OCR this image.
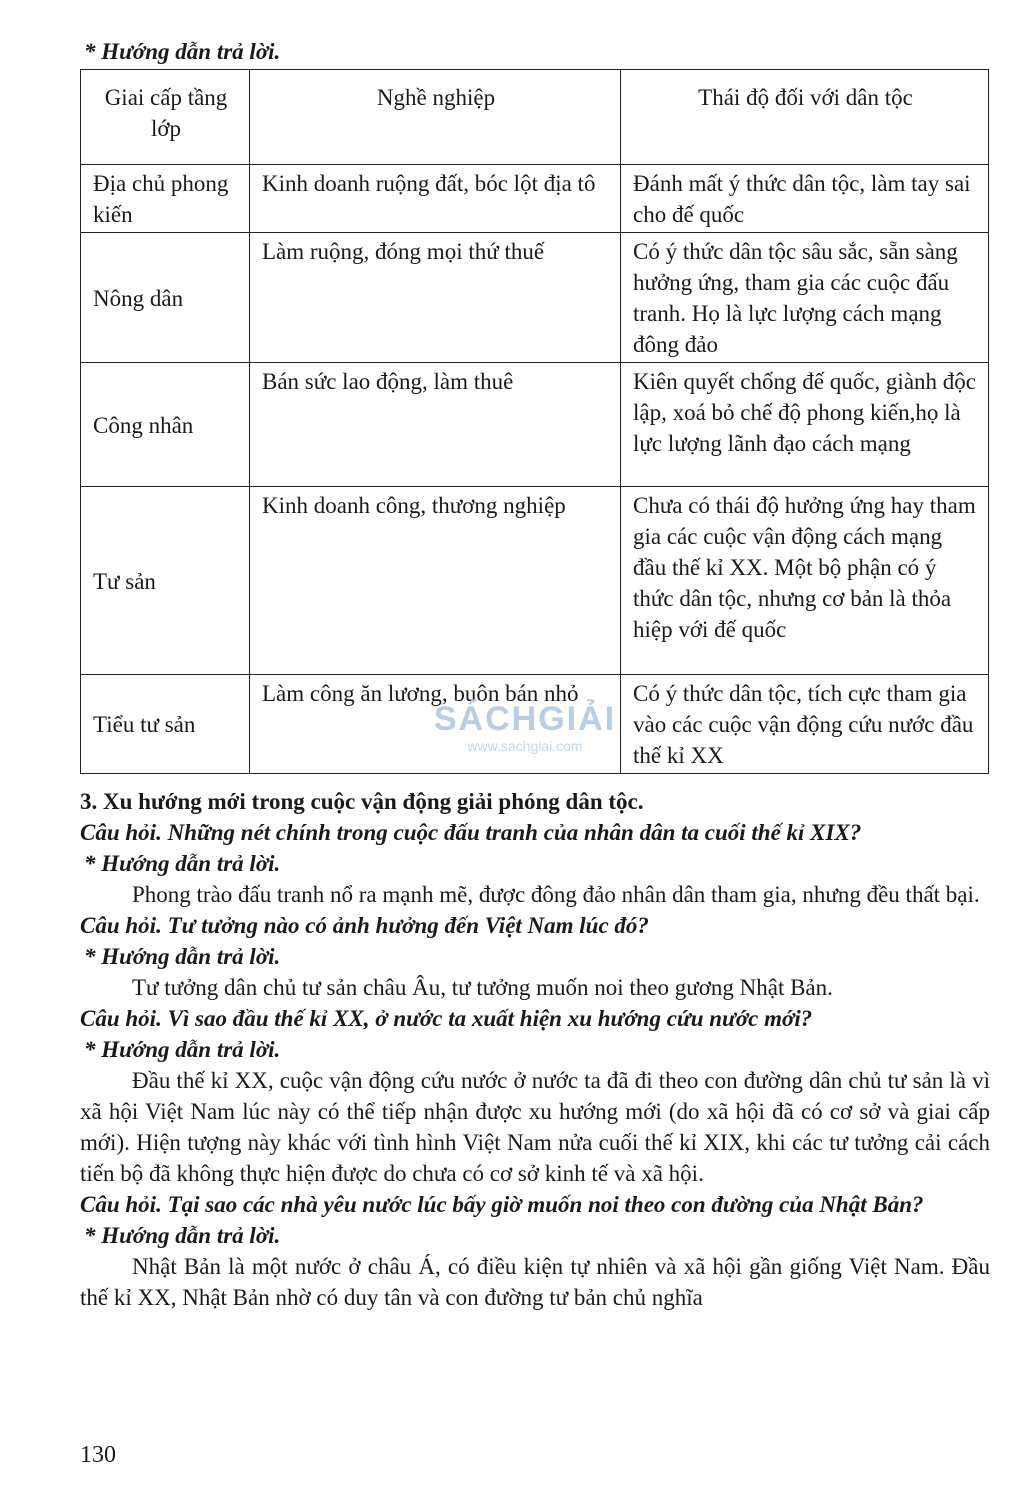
* Hướng dẫn trả lời.
Giai cấp tầng lớp	Nghề nghiệp	Thái độ đối với dân tộc
Địa chủ phong kiến	Kinh doanh ruộng đất, bóc lột địa tô	Đánh mất ý thức dân tộc, làm tay sai cho đế quốc
Nông dân	Làm ruộng, đóng mọi thứ thuế	Có ý thức dân tộc sâu sắc, sẵn sàng hưởng ứng, tham gia các cuộc đấu tranh. Họ là lực lượng cách mạng đông đảo
Công nhân	Bán sức lao động, làm thuê	Kiên quyết chống đế quốc, giành độc lập, xoá bỏ chế độ phong kiến,họ là lực lượng lãnh đạo cách mạng
Tư sản	Kinh doanh công, thương nghiệp	Chưa có thái độ hưởng ứng hay tham gia các cuộc vận động cách mạng đầu thế kỉ XX. Một bộ phận có ý thức dân tộc, nhưng cơ bản là thỏa hiệp với đế quốc
Tiểu tư sản	Làm công ăn lương, buôn bán nhỏ	Có ý thức dân tộc, tích cực tham gia vào các cuộc vận động cứu nước đầu thế kỉ XX
SÁCHGIẢI
www.sachgiai.com
3. Xu hướng mới trong cuộc vận động giải phóng dân tộc.
Câu hỏi. Những nét chính trong cuộc đấu tranh của nhân dân ta cuối thế kỉ XIX?
* Hướng dẫn trả lời.
Phong trào đấu tranh nổ ra mạnh mẽ, được đông đảo nhân dân tham gia, nhưng đều thất bại.
Câu hỏi. Tư tưởng nào có ảnh hưởng đến Việt Nam lúc đó?
* Hướng dẫn trả lời.
Tư tưởng dân chủ tư sản châu Âu, tư tưởng muốn noi theo gương Nhật Bản.
Câu hỏi. Vì sao đầu thế kỉ XX, ở nước ta xuất hiện xu hướng cứu nước mới?
* Hướng dẫn trả lời.
Đầu thế kỉ XX, cuộc vận động cứu nước ở nước ta đã đi theo con đường dân chủ tư sản là vì xã hội Việt Nam lúc này có thể tiếp nhận được xu hướng mới (do xã hội đã có cơ sở và giai cấp mới). Hiện tượng này khác với tình hình Việt Nam nửa cuối thế kỉ XIX, khi các tư tưởng cải cách tiến bộ đã không thực hiện được do chưa có cơ sở kinh tế và xã hội.
Câu hỏi. Tại sao các nhà yêu nước lúc bấy giờ muốn noi theo con đường của Nhật Bản?
* Hướng dẫn trả lời.
Nhật Bản là một nước ở châu Á, có điều kiện tự nhiên và xã hội gần giống Việt Nam. Đầu thế kỉ XX, Nhật Bản nhờ có duy tân và con đường tư bản chủ nghĩa
130
